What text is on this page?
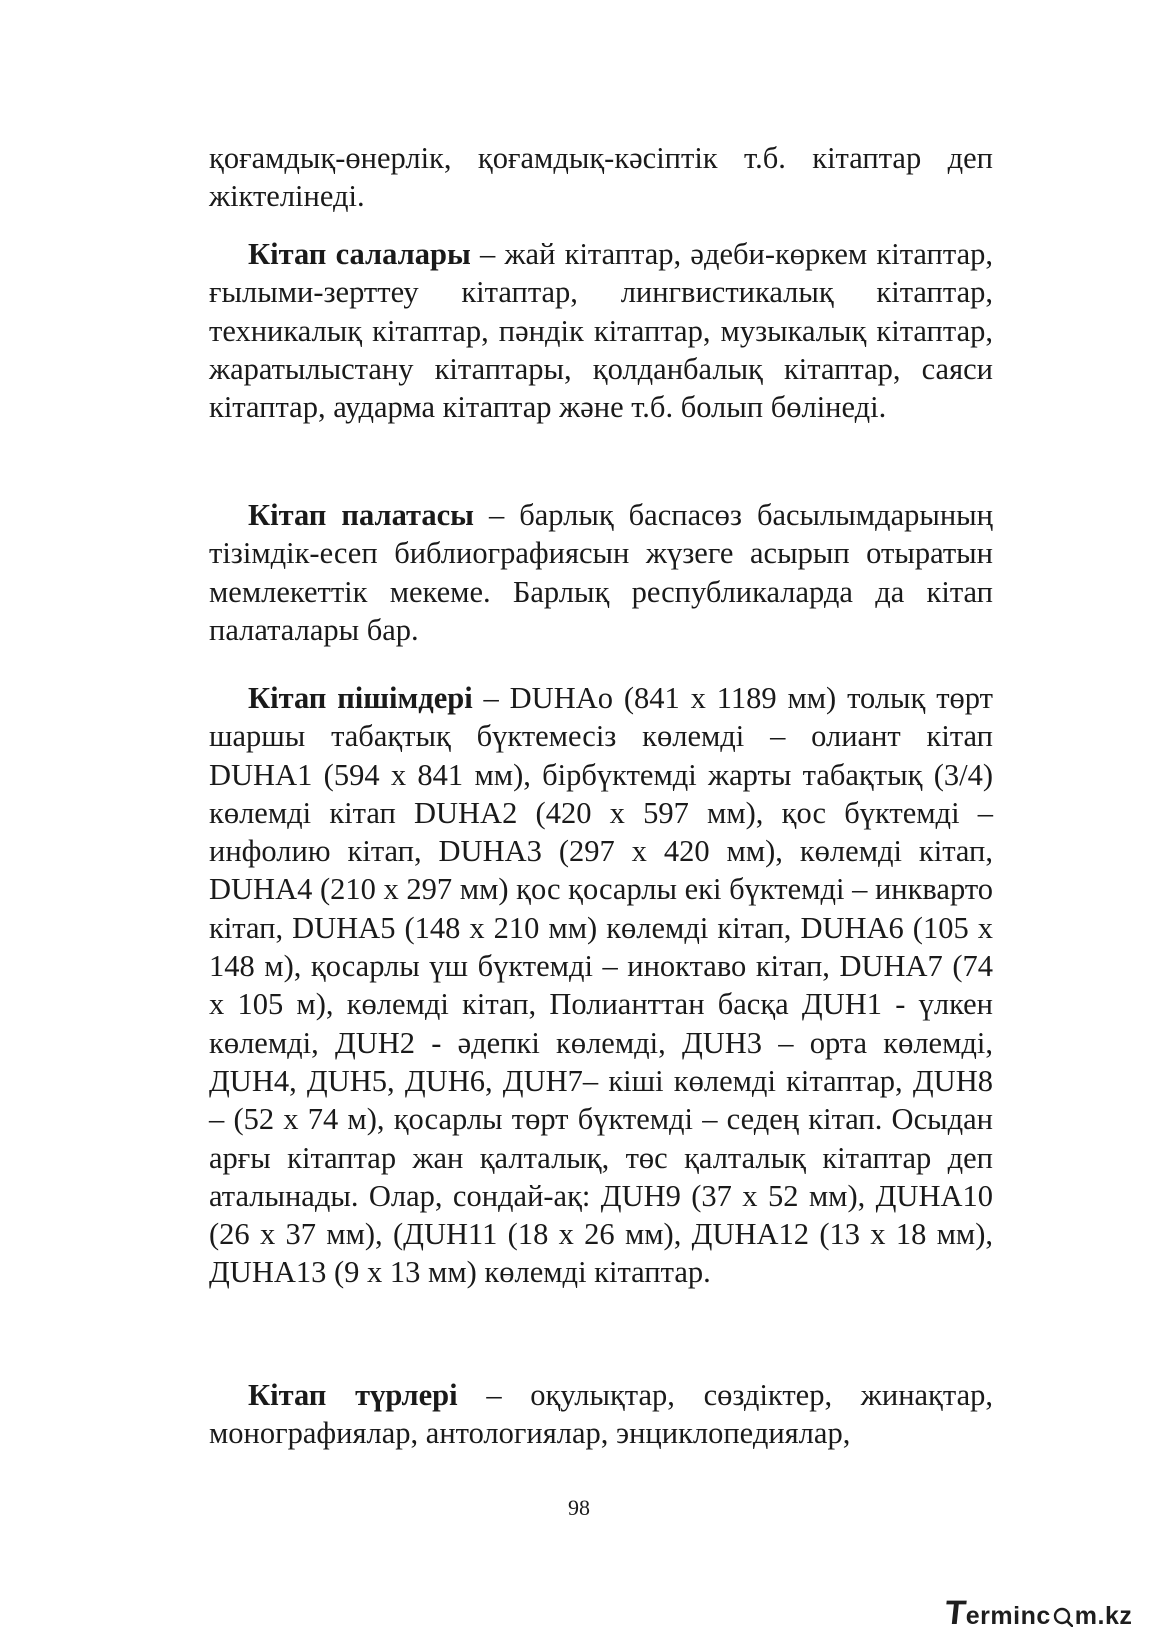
қоғамдық-өнерлік, қоғамдық-кәсіптік т.б. кітаптар деп жіктелінеді.

Кітап салалары – жай кітаптар, әдеби-көркем кітаптар, ғылыми-зерттеу кітаптар, лингвистикалық кітаптар, техникалық кітаптар, пәндік кітаптар, музыкалық кітаптар, жаратылыстану кітаптары, қолданбалық кітаптар, саяси кітаптар, аударма кітаптар және т.б. болып бөлінеді.

Кітап палатасы – барлық баспасөз басылымдарының тізімдік-есеп библиографиясын жүзеге асырып отыратын мемлекеттік мекеме. Барлық республикаларда да кітап палаталары бар.

Кітап пішімдері – DUHAo (841 х 1189 мм) толық төрт шаршы табақтық бүктемесіз көлемді – олиант кітап DUHA1 (594 х 841 мм), бірбүктемді жарты табақтық (3/4) көлемді кітап DUHA2 (420 х 597 мм), қос бүктемді – инфолию кітап, DUHA3 (297 х 420 мм), көлемді кітап, DUHA4 (210 х 297 мм) қос қосарлы екі бүктемді – инкварто кітап, DUHA5 (148 х 210 мм) көлемді кітап, DUHA6 (105 х 148 м), қосарлы үш бүктемді – иноктаво кітап, DUHA7 (74 х 105 м), көлемді кітап, Полианттан басқа ДUH1 - үлкен көлемді, ДUH2 - әдепкі көлемді, ДUH3 – орта көлемді, ДUH4, ДUH5, ДUH6, ДUH7– кіші көлемді кітаптар, ДUH8 – (52 х 74 м), қосарлы төрт бүктемді – седең кітап. Осыдан арғы кітаптар жан қалталық, төс қалталық кітаптар деп аталынады. Олар, сондай-ақ: ДUH9 (37 х 52 мм), ДUHA10 (26 х 37 мм), (ДUH11 (18 х 26 мм), ДUHA12 (13 х 18 мм), ДUHA13 (9 х 13 мм) көлемді кітаптар.

Кітап түрлері – оқулықтар, сөздіктер, жинақтар, монографиялар, антологиялар, энциклопедиялар,

98
T
erminc m.kz
